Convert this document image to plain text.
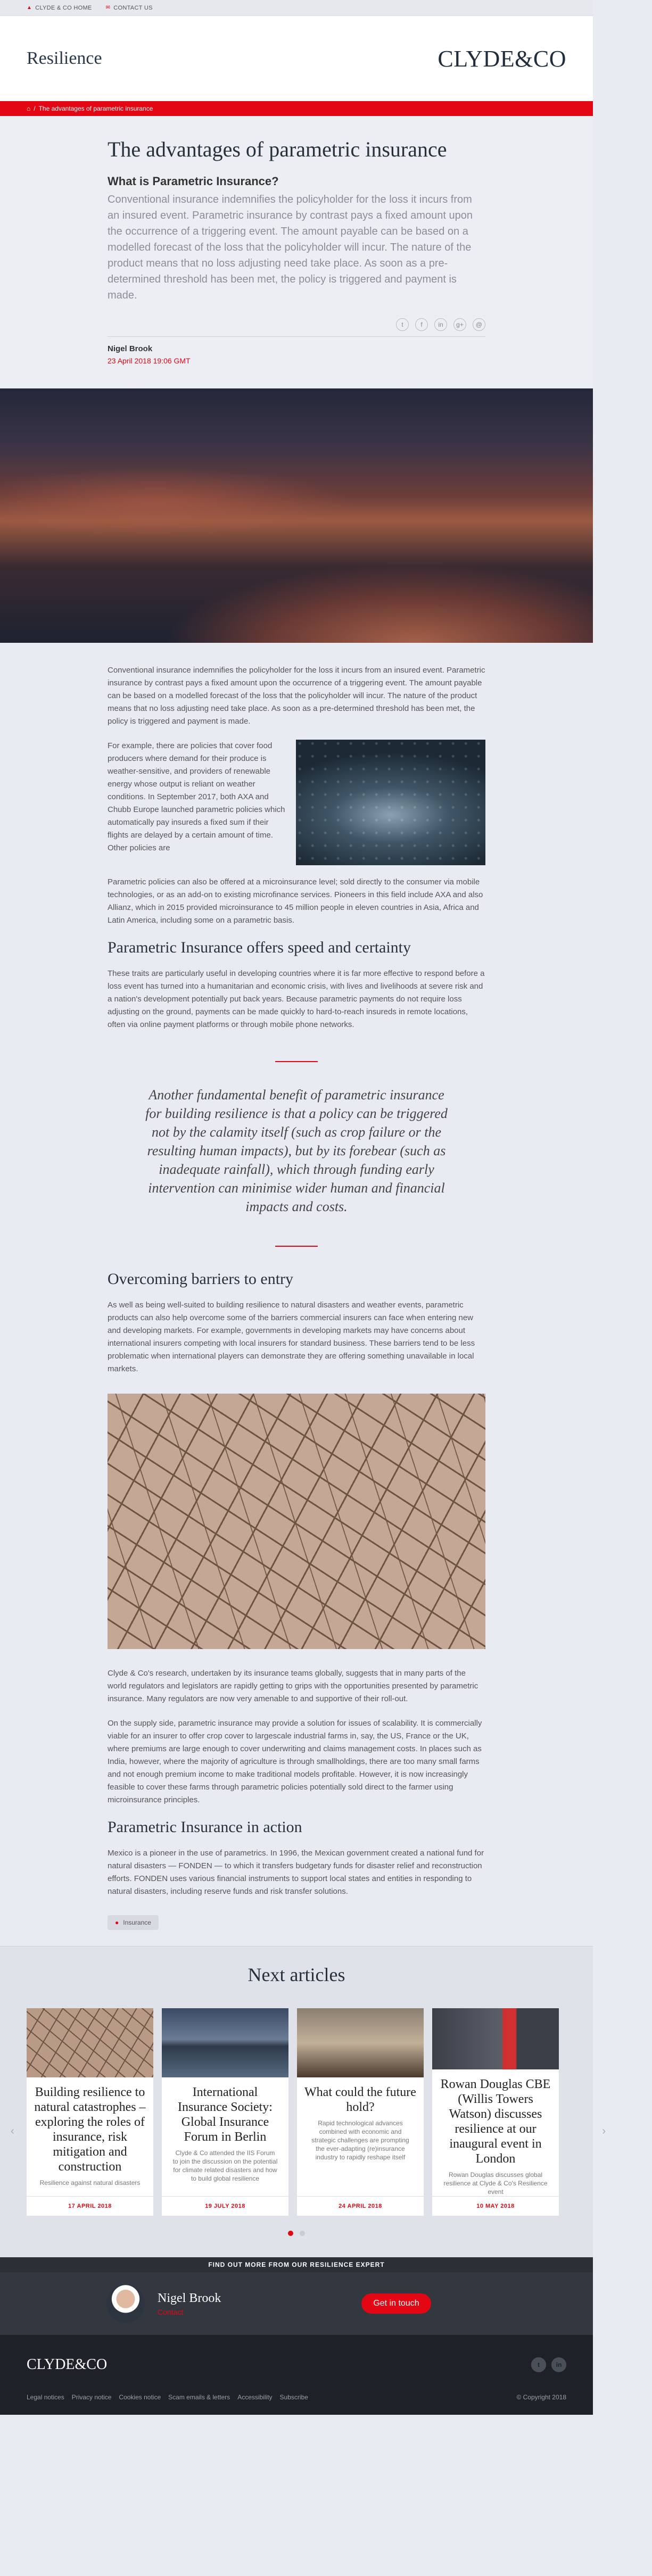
▲ CLYDE & CO HOME	✉ CONTACT US
Resilience	CLYDE&CO
⌂ / The advantages of parametric insurance
The advantages of parametric insurance
What is Parametric Insurance?
Conventional insurance indemnifies the policyholder for the loss it incurs from an insured event. Parametric insurance by contrast pays a fixed amount upon the occurrence of a triggering event. The amount payable can be based on a modelled forecast of the loss that the policyholder will incur. The nature of the product means that no loss adjusting need take place. As soon as a pre-determined threshold has been met, the policy is triggered and payment is made.
t	f	in	g+	@
Nigel Brook
23 April 2018 19:06 GMT

Conventional insurance indemnifies the policyholder for the loss it incurs from an insured event. Parametric insurance by contrast pays a fixed amount upon the occurrence of a triggering event. The amount payable can be based on a modelled forecast of the loss that the policyholder will incur. The nature of the product means that no loss adjusting need take place. As soon as a pre-determined threshold has been met, the policy is triggered and payment is made.

For example, there are policies that cover food producers where demand for their produce is weather-sensitive, and providers of renewable energy whose output is reliant on weather conditions. In September 2017, both AXA and Chubb Europe launched parametric policies which automatically pay insureds a fixed sum if their flights are delayed by a certain amount of time. Other policies are

Parametric policies can also be offered at a microinsurance level; sold directly to the consumer via mobile technologies, or as an add-on to existing microfinance services. Pioneers in this field include AXA and also Allianz, which in 2015 provided microinsurance to 45 million people in eleven countries in Asia, Africa and Latin America, including some on a parametric basis.

Parametric Insurance offers speed and certainty

These traits are particularly useful in developing countries where it is far more effective to respond before a loss event has turned into a humanitarian and economic crisis, with lives and livelihoods at severe risk and a nation's development potentially put back years. Because parametric payments do not require loss adjusting on the ground, payments can be made quickly to hard-to-reach insureds in remote locations, often via online payment platforms or through mobile phone networks.

Another fundamental benefit of parametric insurance for building resilience is that a policy can be triggered not by the calamity itself (such as crop failure or the resulting human impacts), but by its forebear (such as inadequate rainfall), which through funding early intervention can minimise wider human and financial impacts and costs.
Overcoming barriers to entry

As well as being well-suited to building resilience to natural disasters and weather events, parametric products can also help overcome some of the barriers commercial insurers can face when entering new and developing markets. For example, governments in developing markets may have concerns about international insurers competing with local insurers for standard business. These barriers tend to be less problematic when international players can demonstrate they are offering something unavailable in local markets.

Clyde & Co's research, undertaken by its insurance teams globally, suggests that in many parts of the world regulators and legislators are rapidly getting to grips with the opportunities presented by parametric insurance. Many regulators are now very amenable to and supportive of their roll-out.

On the supply side, parametric insurance may provide a solution for issues of scalability. It is commercially viable for an insurer to offer crop cover to largescale industrial farms in, say, the US, France or the UK, where premiums are large enough to cover underwriting and claims management costs. In places such as India, however, where the majority of agriculture is through smallholdings, there are too many small farms and not enough premium income to make traditional models profitable. However, it is now increasingly feasible to cover these farms through parametric policies potentially sold direct to the farmer using microinsurance principles.

Parametric Insurance in action

Mexico is a pioneer in the use of parametrics. In 1996, the Mexican government created a national fund for natural disasters — FONDEN — to which it transfers budgetary funds for disaster relief and reconstruction efforts. FONDEN uses various financial instruments to support local states and entities in responding to natural disasters, including reserve funds and risk transfer solutions.

● Insurance
Next articles
‹
Building resilience to natural catastrophes – exploring the roles of insurance, risk mitigation and construction
Resilience against natural disasters
17 APRIL 2018
International Insurance Society: Global Insurance Forum in Berlin
Clyde & Co attended the IIS Forum to join the discussion on the potential for climate related disasters and how to build global resilience
19 JULY 2018
What could the future hold?
Rapid technological advances combined with economic and strategic challenges are prompting the ever-adapting (re)insurance industry to rapidly reshape itself
24 APRIL 2018
Rowan Douglas CBE (Willis Towers Watson) discusses resilience at our inaugural event in London
Rowan Douglas discusses global resilience at Clyde & Co's Resilience event
10 MAY 2018
›
FIND OUT MORE FROM OUR RESILIENCE EXPERT
Nigel Brook
Contact
Get in touch
CLYDE&CO	t	in
Legal notices Privacy notice Cookies notice Scam emails & letters Accessibility Subscribe	© Copyright 2018
